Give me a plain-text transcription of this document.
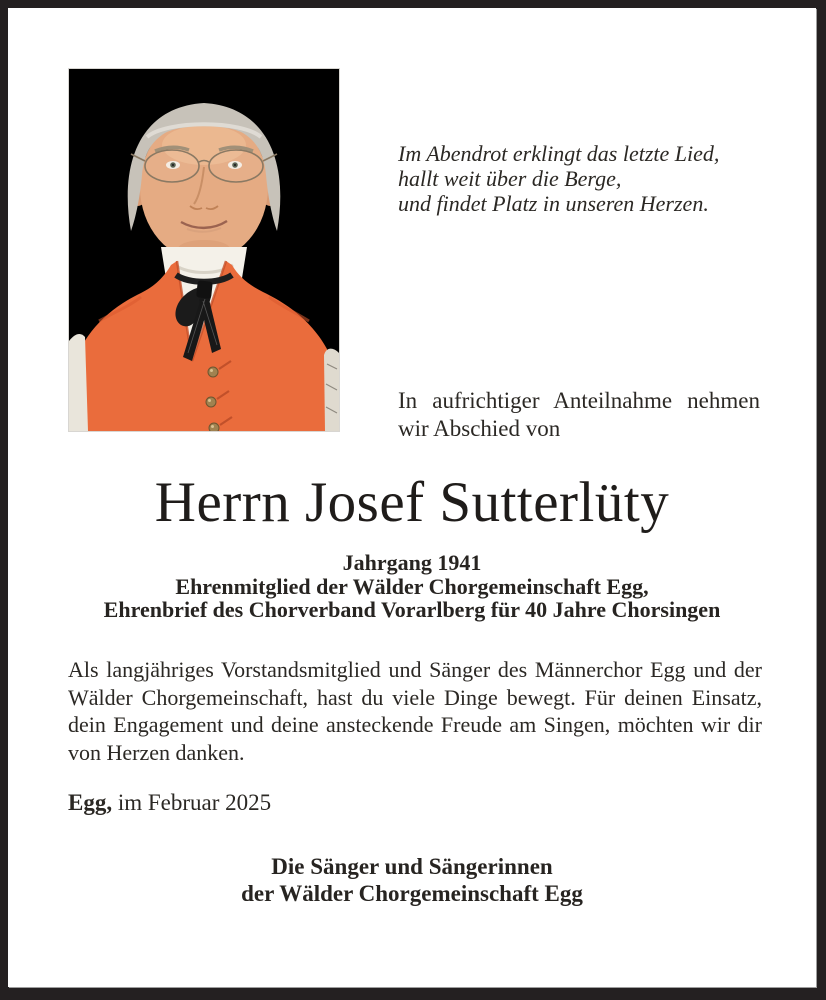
Im Abendrot erklingt das letzte Lied,
hallt weit über die Berge,
und findet Platz in unseren Herzen.
In aufrichtiger Anteilnahme nehmen
wir Abschied von
Herrn Josef Sutterlüty
Jahrgang 1941
Ehrenmitglied der Wälder Chorgemeinschaft Egg,
Ehrenbrief des Chorverband Vorarlberg für 40 Jahre Chorsingen
Als langjähriges Vorstandsmitglied und Sänger des Männerchor Egg und der Wälder Chorgemeinschaft, hast du viele Dinge bewegt. Für deinen Einsatz, dein Engagement und deine ansteckende Freude am Singen, möchten wir dir von Herzen danken.
Egg, im Februar 2025
Die Sänger und Sängerinnen
der Wälder Chorgemeinschaft Egg
